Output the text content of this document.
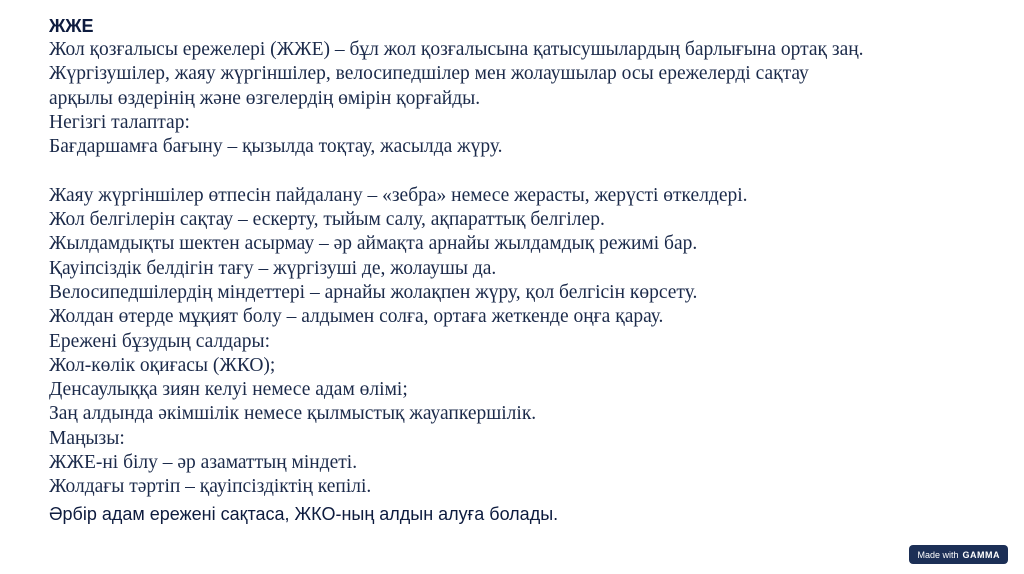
ЖЖЕ
Жол қозғалысы ережелері (ЖЖЕ) – бұл жол қозғалысына қатысушылардың барлығына ортақ заң.
Жүргізушілер, жаяу жүргіншілер, велосипедшілер мен жолаушылар осы ережелерді сақтау
арқылы өздерінің және өзгелердің өмірін қорғайды.
Негізгі талаптар:
Бағдаршамға бағыну – қызылда тоқтау, жасылда жүру.
Жаяу жүргіншілер өтпесін пайдалану – «зебра» немесе жерасты, жерүсті өткелдері.
Жол белгілерін сақтау – ескерту, тыйым салу, ақпараттық белгілер.
Жылдамдықты шектен асырмау – әр аймақта арнайы жылдамдық режимі бар.
Қауіпсіздік белдігін тағу – жүргізуші де, жолаушы да.
Велосипедшілердің міндеттері – арнайы жолақпен жүру, қол белгісін көрсету.
Жолдан өтерде мұқият болу – алдымен солға, ортаға жеткенде оңға қарау.
Ережені бұзудың салдары:
Жол-көлік оқиғасы (ЖКО);
Денсаулыққа зиян келуі немесе адам өлімі;
Заң алдында әкімшілік немесе қылмыстық жауапкершілік.
Маңызы:
ЖЖЕ-ні білу – әр азаматтың міндеті.
Жолдағы тәртіп – қауіпсіздіктің кепілі.
Әрбір адам ережені сақтаса, ЖКО-ның алдын алуға болады.
Made with GAMMA
